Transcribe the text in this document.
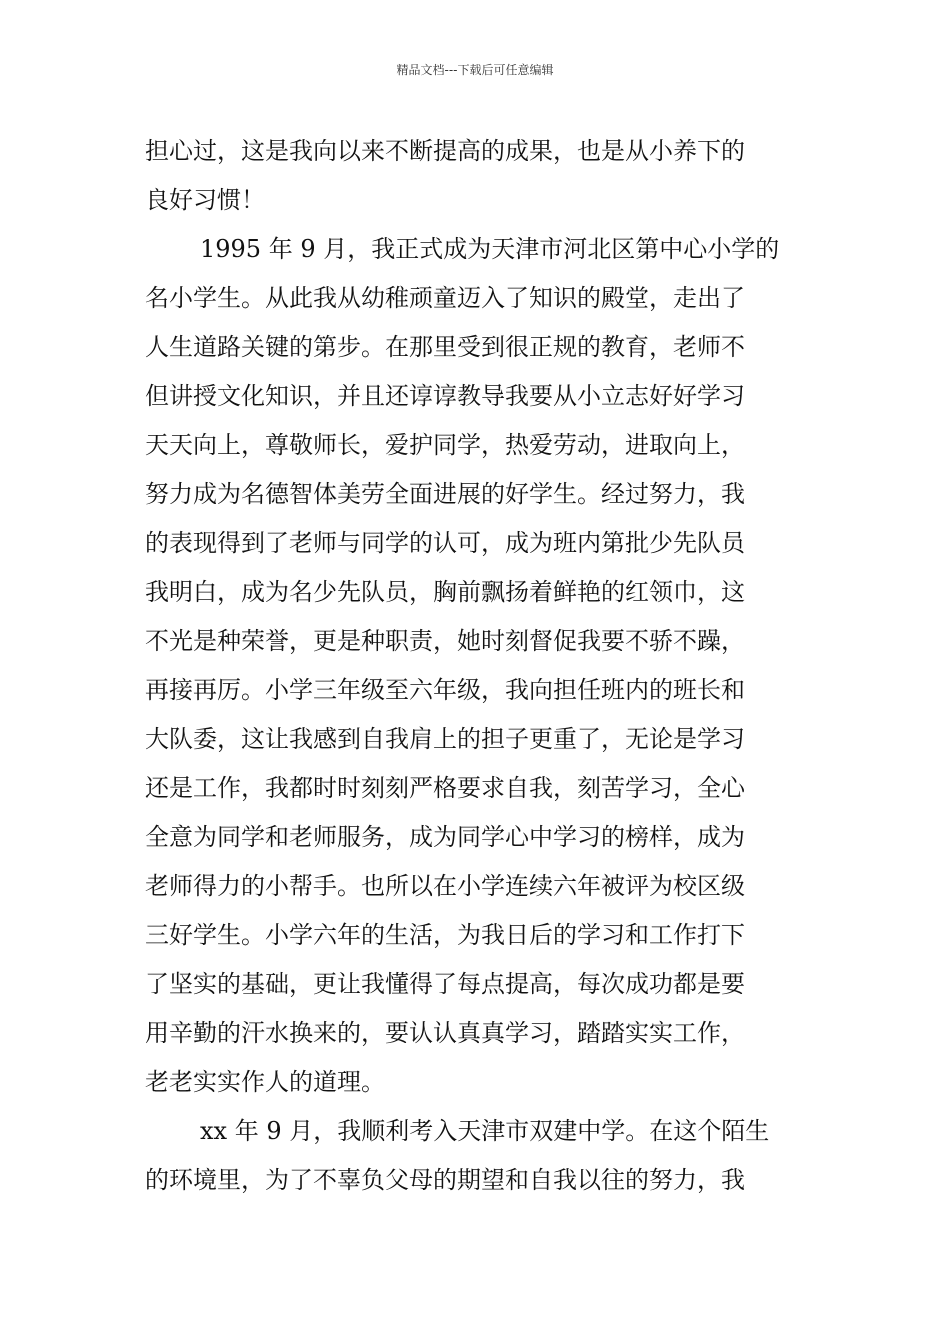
精品文档---下载后可任意编辑
担心过，这是我向以来不断提高的成果，也是从小养下的
良好习惯！
1995 年 9 月，我正式成为天津市河北区第中心小学的
名小学生。从此我从幼稚顽童迈入了知识的殿堂，走出了
人生道路关键的第步。在那里受到很正规的教育，老师不
但讲授文化知识，并且还谆谆教导我要从小立志好好学习
天天向上，尊敬师长，爱护同学，热爱劳动，进取向上，
努力成为名德智体美劳全面进展的好学生。经过努力，我
的表现得到了老师与同学的认可，成为班内第批少先队员
我明白，成为名少先队员，胸前飘扬着鲜艳的红领巾，这
不光是种荣誉，更是种职责，她时刻督促我要不骄不躁，
再接再厉。小学三年级至六年级，我向担任班内的班长和
大队委，这让我感到自我肩上的担子更重了，无论是学习
还是工作，我都时时刻刻严格要求自我，刻苦学习，全心
全意为同学和老师服务，成为同学心中学习的榜样，成为
老师得力的小帮手。也所以在小学连续六年被评为校区级
三好学生。小学六年的生活，为我日后的学习和工作打下
了坚实的基础，更让我懂得了每点提高，每次成功都是要
用辛勤的汗水换来的，要认认真真学习，踏踏实实工作，
老老实实作人的道理。
xx 年 9 月，我顺利考入天津市双建中学。在这个陌生
的环境里，为了不辜负父母的期望和自我以往的努力，我
